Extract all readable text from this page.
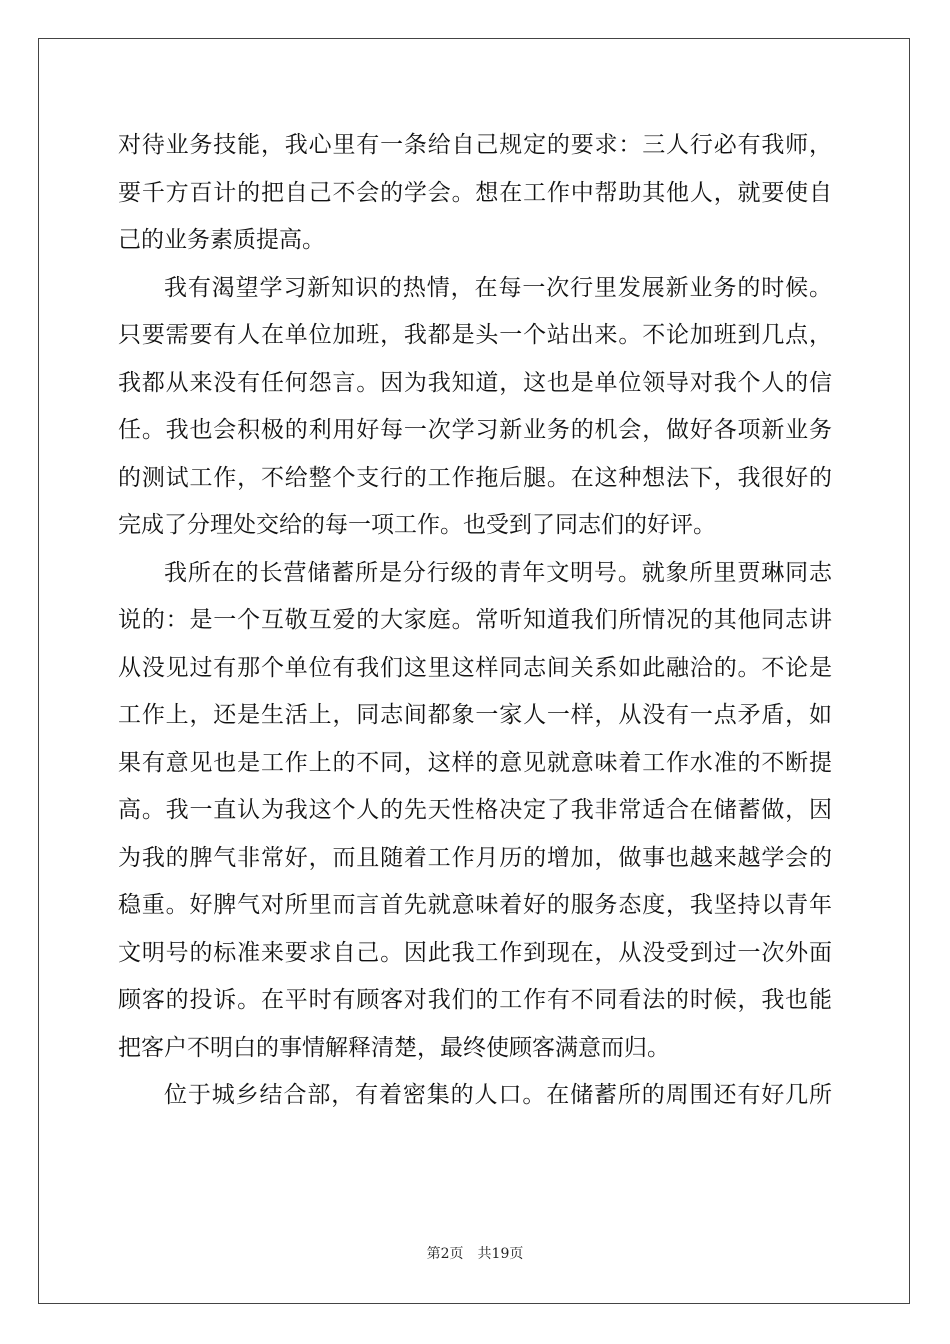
对待业务技能，我心里有一条给自己规定的要求：三人行必有我师，
要千方百计的把自己不会的学会。想在工作中帮助其他人，就要使自
己的业务素质提高。
我有渴望学习新知识的热情，在每一次行里发展新业务的时候。
只要需要有人在单位加班，我都是头一个站出来。不论加班到几点，
我都从来没有任何怨言。因为我知道，这也是单位领导对我个人的信
任。我也会积极的利用好每一次学习新业务的机会，做好各项新业务
的测试工作，不给整个支行的工作拖后腿。在这种想法下，我很好的
完成了分理处交给的每一项工作。也受到了同志们的好评。
我所在的长营储蓄所是分行级的青年文明号。就象所里贾琳同志
说的：是一个互敬互爱的大家庭。常听知道我们所情况的其他同志讲
从没见过有那个单位有我们这里这样同志间关系如此融洽的。不论是
工作上，还是生活上，同志间都象一家人一样，从没有一点矛盾，如
果有意见也是工作上的不同，这样的意见就意味着工作水准的不断提
高。我一直认为我这个人的先天性格决定了我非常适合在储蓄做，因
为我的脾气非常好，而且随着工作月历的增加，做事也越来越学会的
稳重。好脾气对所里而言首先就意味着好的服务态度，我坚持以青年
文明号的标准来要求自己。因此我工作到现在，从没受到过一次外面
顾客的投诉。在平时有顾客对我们的工作有不同看法的时候，我也能
把客户不明白的事情解释清楚，最终使顾客满意而归。
位于城乡结合部，有着密集的人口。在储蓄所的周围还有好几所
第2页 共19页
